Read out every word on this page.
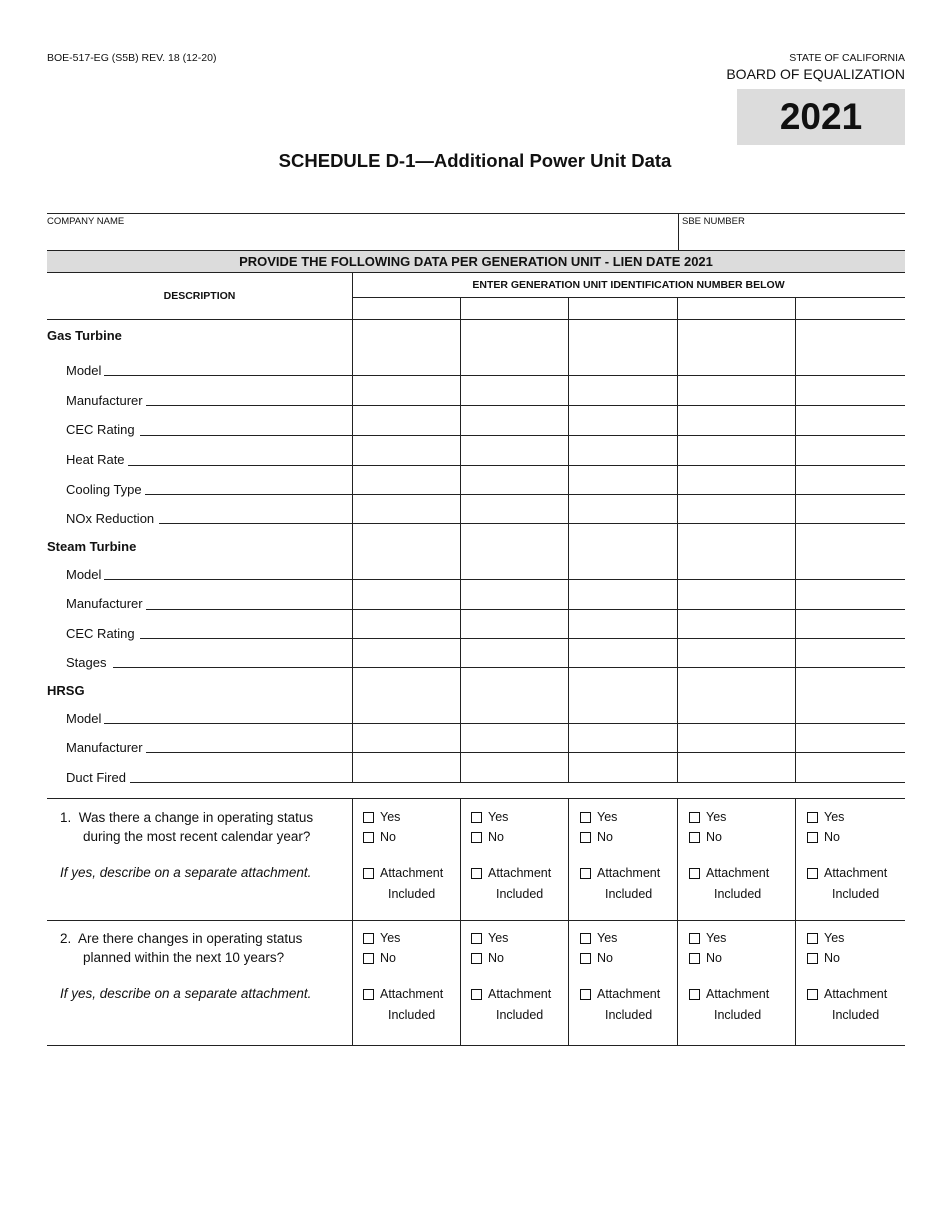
BOE-517-EG (S5B) REV. 18 (12-20)	STATE OF CALIFORNIA
BOARD OF EQUALIZATION
2021
SCHEDULE D-1—Additional Power Unit Data
COMPANY NAME	SBE NUMBER
PROVIDE THE FOLLOWING DATA PER GENERATION UNIT - LIEN DATE 2021
DESCRIPTION
ENTER GENERATION UNIT IDENTIFICATION NUMBER BELOW
Gas Turbine
Model
Manufacturer
CEC Rating
Heat Rate
Cooling Type
NOx Reduction
Steam Turbine
Model
Manufacturer
CEC Rating
Stages
HRSG
Model
Manufacturer
Duct Fired
1. Was there a change in operating status
during the most recent calendar year?
If yes, describe on a separate attachment.
2. Are there changes in operating status
planned within the next 10 years?
If yes, describe on a separate attachment.
Yes
No
Attachment
Included
Yes
No
Attachment
Included
Yes
No
Attachment
Included
Yes
No
Attachment
Included
Yes
No
Attachment
Included
Yes
No
Attachment
Included
Yes
No
Attachment
Included
Yes
No
Attachment
Included
Yes
No
Attachment
Included
Yes
No
Attachment
Included
